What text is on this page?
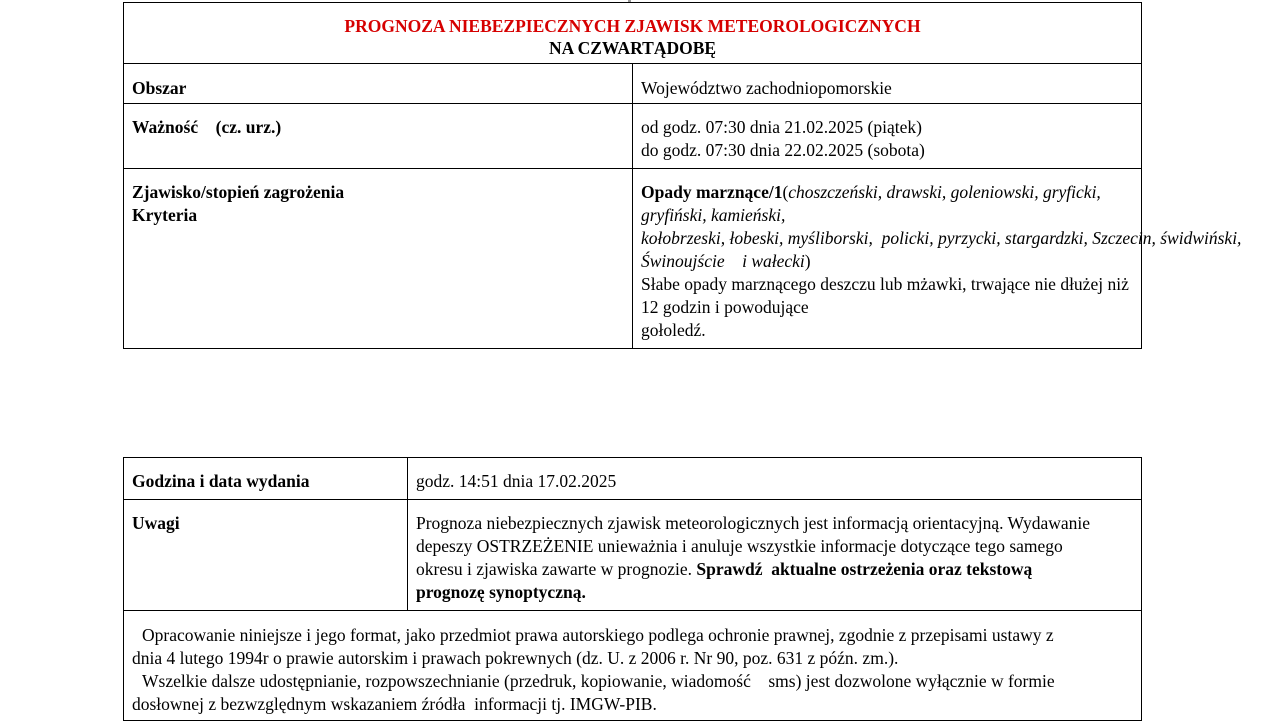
PROGNOZA NIEBEZPIECZNYCH ZJAWISK METEOROLOGICZNYCH
NA CZWARTĄDOBĘ	

Obszar	Województwo zachodniopomorskie
Ważność    (cz. urz.)	od godz. 07:30 dnia 21.02.2025 (piątek)
do godz. 07:30 dnia 22.02.2025 (sobota)

Zjawisko/stopień zagrożenia
Kryteria	Opady marznące/1(choszczeński, drawski, goleniowski, gryficki, gryfiński, kamieński,
kołobrzeski, łobeski, myśliborski,  policki, pyrzycki, stargardzki, Szczecin, świdwiński,
Świnoujście    i wałecki)
Słabe opady marznącego deszczu lub mżawki, trwające nie dłużej niż 12 godzin i powodujące
gołoledź.
Godzina i data wydania	godz. 14:51 dnia 17.02.2025
Uwagi	Prognoza niebezpiecznych zjawisk meteorologicznych jest informacją orientacyjną. Wydawanie
depeszy OSTRZEŻENIE unieważnia i anuluje wszystkie informacje dotyczące tego samego
okresu i zjawiska zawarte w prognozie. Sprawdź  aktualne ostrzeżenia oraz tekstową
prognozę synoptyczną.

Opracowanie niniejsze i jego format, jako przedmiot prawa autorskiego podlega ochronie prawnej, zgodnie z przepisami ustawy z
dnia 4 lutego 1994r o prawie autorskim i prawach pokrewnych (dz. U. z 2006 r. Nr 90, poz. 631 z późn. zm.).
Wszelkie dalsze udostępnianie, rozpowszechnianie (przedruk, kopiowanie, wiadomość    sms) jest dozwolone wyłącznie w formie
dosłownej z bezwzględnym wskazaniem źródła  informacji tj. IMGW-PIB.	
